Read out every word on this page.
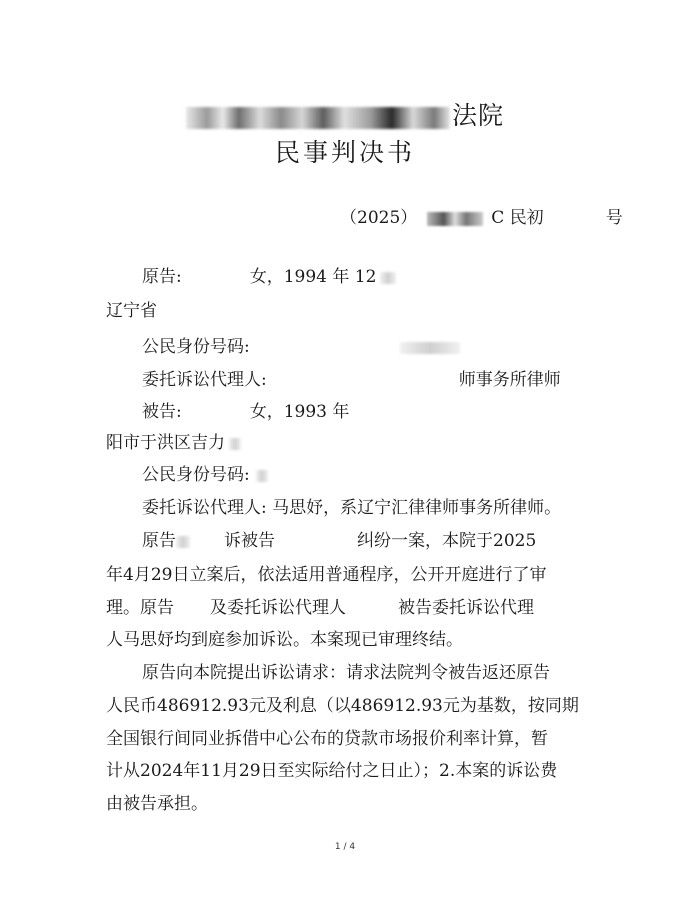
法院
民事判决书
（2025）	C 民初	号
原告:	女，1994 年 12
辽宁省
公民身份号码:
委托诉讼代理人:	师事务所律师
被告:	女，1993 年
阳市于洪区吉力
公民身份号码:
委托诉讼代理人: 马思妤，系辽宁汇律律师事务所律师。
原告	诉被告	纠纷一案，本院于2025
年4月29日立案后，依法适用普通程序，公开开庭进行了审
理。原告 及委托诉讼代理人	被告委托诉讼代理
人马思妤均到庭参加诉讼。本案现已审理终结。
原告向本院提出诉讼请求：请求法院判令被告返还原告
人民币486912.93元及利息（以486912.93元为基数，按同期
全国银行间同业拆借中心公布的贷款市场报价利率计算，暂
计从2024年11月29日至实际给付之日止）；2.本案的诉讼费
由被告承担。
1 / 4
